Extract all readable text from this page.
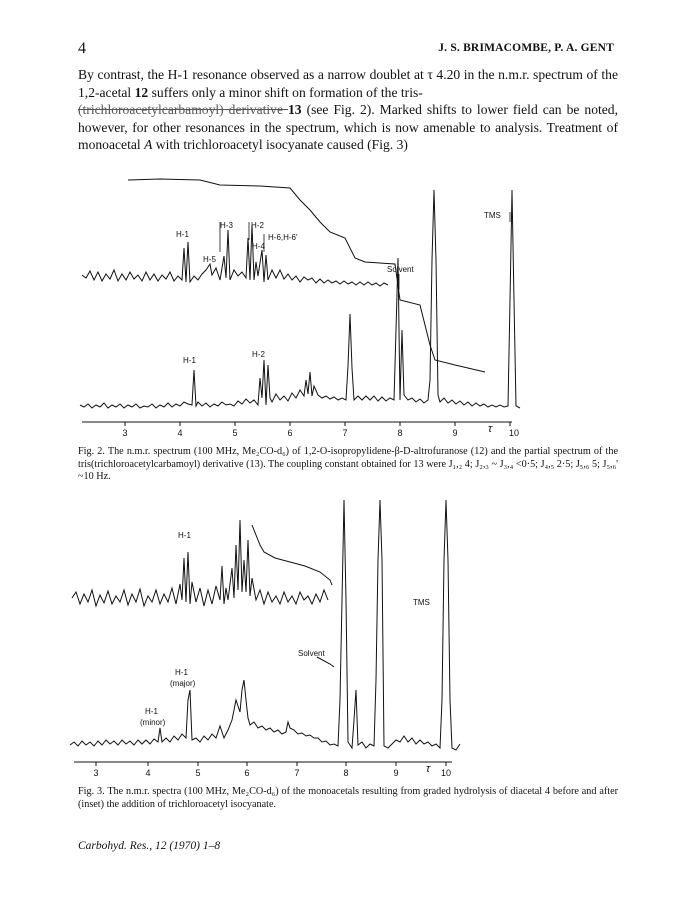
4	J. S. BRIMACOMBE, P. A. GENT
By contrast, the H-1 resonance observed as a narrow doublet at τ 4.20 in the n.m.r. spectrum of the 1,2-acetal 12 suffers only a minor shift on formation of the tris-
(trichloroacetylcarbamoyl) derivative 13 (see Fig. 2). Marked shifts to lower field can be noted, however, for other resonances in the spectrum, which is now amenable to analysis. Treatment of monoacetal A with trichloroacetyl isocyanate caused (Fig. 3)
3	4	5	6	7	8	9	10
τ
TMS
Solvent
H-1
H-3 H-2
H-4
H-6,H-6'
H-5
H-1
H-2
Fig. 2. The n.m.r. spectrum (100 MHz, Me₂CO-d₆) of 1,2-O-isopropylidene-β-D-altrofuranose (12) and the partial spectrum of the tris(trichloroacetylcarbamoyl) derivative (13). The coupling constant obtained for 13 were J₁,₂ 4; J₂,₃ ~ J₃,₄ <0·5; J₄,₅ 2·5; J₅,₆ 5; J₅,₆' ~10 Hz.
3	4	5	6	7	8	9	10
τ
H-1
TMS
Solvent
H-1
(major)
H-1
(minor)
Fig. 3. The n.m.r. spectra (100 MHz, Me₂CO-d₆) of the monoacetals resulting from graded hydrolysis of diacetal 4 before and after (inset) the addition of trichloroacetyl isocyanate.
Carbohyd. Res., 12 (1970) 1–8
